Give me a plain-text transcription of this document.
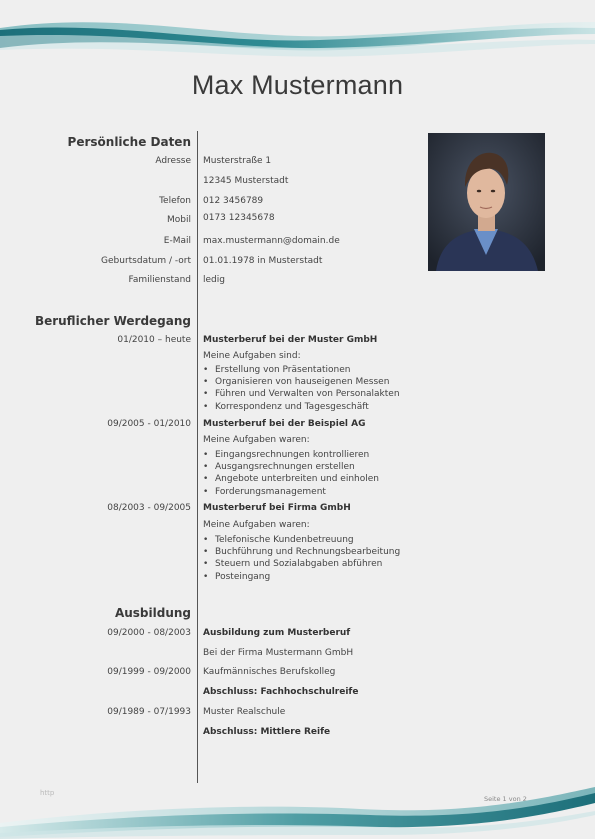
Max Mustermann
Persönliche Daten
Adresse Musterstraße 1
12345 Musterstadt
Telefon 012 3456789
Mobil 0173 12345678
E-Mail max.mustermann@domain.de
Geburtsdatum / -ort 01.01.1978 in Musterstadt
Familienstand ledig
Beruflicher Werdegang
01/2010 – heute Musterberuf bei der Muster GmbH
Meine Aufgaben sind:
• Erstellung von Präsentationen
• Organisieren von hauseigenen Messen
• Führen und Verwalten von Personalakten
• Korrespondenz und Tagesgeschäft
09/2005 - 01/2010 Musterberuf bei der Beispiel AG
Meine Aufgaben waren:
• Eingangsrechnungen kontrollieren
• Ausgangsrechnungen erstellen
• Angebote unterbreiten und einholen
• Forderungsmanagement
08/2003 - 09/2005 Musterberuf bei Firma GmbH
Meine Aufgaben waren:
• Telefonische Kundenbetreuung
• Buchführung und Rechnungsbearbeitung
• Steuern und Sozialabgaben abführen
• Posteingang
Ausbildung
09/2000 - 08/2003 Ausbildung zum Musterberuf
Bei der Firma Mustermann GmbH
09/1999 - 09/2000 Kaufmännisches Berufskolleg
Abschluss: Fachhochschulreife
09/1989 - 07/1993 Muster Realschule
Abschluss: Mittlere Reife
http
Seite 1 von 2
